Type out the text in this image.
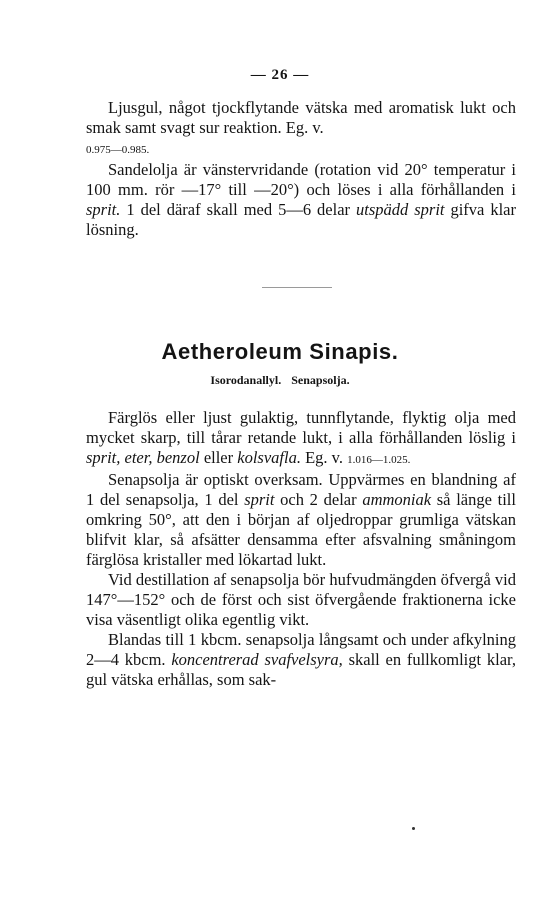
— 26 —

Ljusgul, något tjockflytande vätska med aromatisk lukt och smak samt svagt sur reaktion. Eg. v.

0.975—0.985.

Sandelolja är vänstervridande (rotation vid 20° temperatur i 100 mm. rör —17° till —20°) och löses i alla förhållanden i sprit. 1 del däraf skall med 5—6 delar utspädd sprit gifva klar lösning.

Aetheroleum Sinapis.
Isorodanallyl. Senapsolja.

Färglös eller ljust gulaktig, tunnflytande, flyktig olja med mycket skarp, till tårar retande lukt, i alla förhållanden löslig i sprit, eter, benzol eller kolsvafla. Eg. v. 1.016—1.025.

Senapsolja är optiskt overksam. Uppvärmes en blandning af 1 del senapsolja, 1 del sprit och 2 delar ammoniak så länge till omkring 50°, att den i början af oljedroppar grumliga vätskan blifvit klar, så afsätter densamma efter afsvalning småningom färglösa kristaller med lökartad lukt.

Vid destillation af senapsolja bör hufvudmängden öfvergå vid 147°—152° och de först och sist öfvergående fraktionerna icke visa väsentligt olika egentlig vikt.

Blandas till 1 kbcm. senapsolja långsamt och under afkylning 2—4 kbcm. koncentrerad svafvelsyra, skall en fullkomligt klar, gul vätska erhållas, som sak-
